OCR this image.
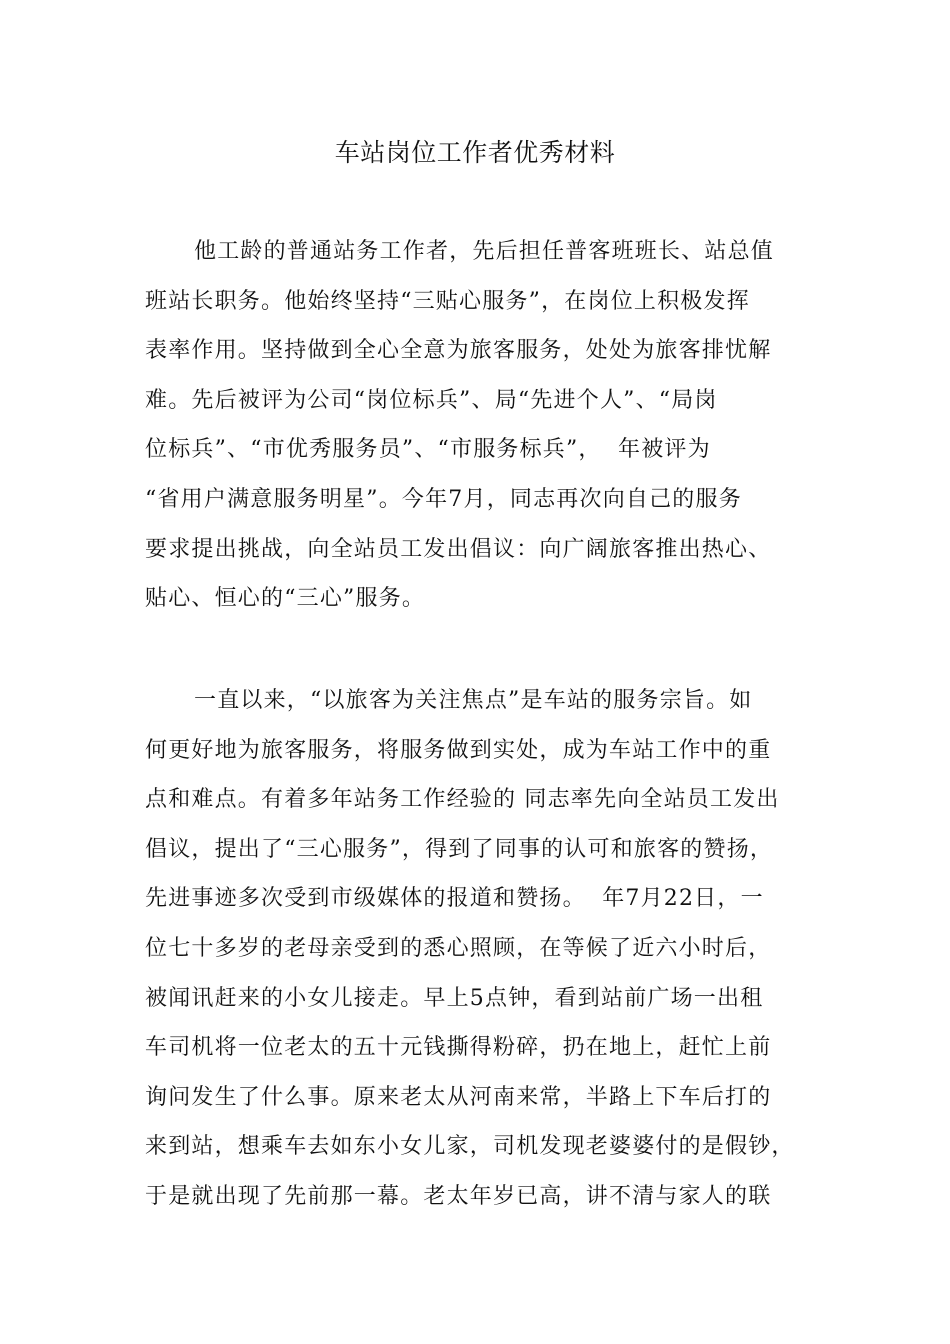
车站岗位工作者优秀材料
他工龄的普通站务工作者，先后担任普客班班长、站总值
班站长职务。他始终坚持“三贴心服务”，在岗位上积极发挥
表率作用。坚持做到全心全意为旅客服务，处处为旅客排忧解
难。先后被评为公司“岗位标兵”、局“先进个人”、“局岗
位标兵”、“市优秀服务员”、“市服务标兵”，  年被评为
“省用户满意服务明星”。今年7月，同志再次向自己的服务
要求提出挑战，向全站员工发出倡议：向广阔旅客推出热心、
贴心、恒心的“三心”服务。
一直以来，“以旅客为关注焦点”是车站的服务宗旨。如
何更好地为旅客服务，将服务做到实处，成为车站工作中的重
点和难点。有着多年站务工作经验的 同志率先向全站员工发出
倡议，提出了“三心服务”，得到了同事的认可和旅客的赞扬，
先进事迹多次受到市级媒体的报道和赞扬。  年7月22日，一
位七十多岁的老母亲受到的悉心照顾，在等候了近六小时后，
被闻讯赶来的小女儿接走。早上5点钟，看到站前广场一出租
车司机将一位老太的五十元钱撕得粉碎，扔在地上，赶忙上前
询问发生了什么事。原来老太从河南来常，半路上下车后打的
来到站，想乘车去如东小女儿家，司机发现老婆婆付的是假钞，
于是就出现了先前那一幕。老太年岁已高，讲不清与家人的联
